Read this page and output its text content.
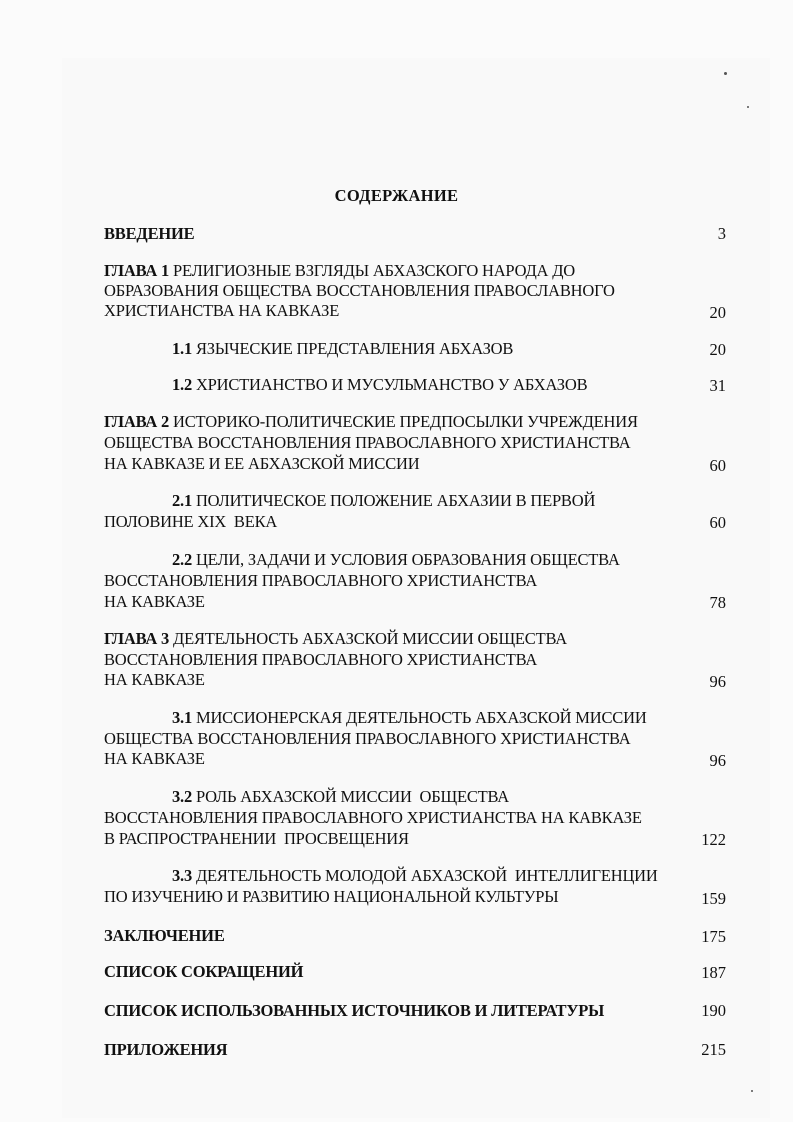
СОДЕРЖАНИЕ
ВВЕДЕНИЕ	3
ГЛАВА 1 РЕЛИГИОЗНЫЕ ВЗГЛЯДЫ АБХАЗСКОГО НАРОДА ДО
ОБРАЗОВАНИЯ ОБЩЕСТВА ВОССТАНОВЛЕНИЯ ПРАВОСЛАВНОГО
ХРИСТИАНСТВА НА КАВКАЗЕ	20
1.1 ЯЗЫЧЕСКИЕ ПРЕДСТАВЛЕНИЯ АБХАЗОВ	20
1.2 ХРИСТИАНСТВО И МУСУЛЬМАНСТВО У АБХАЗОВ	31
ГЛАВА 2 ИСТОРИКО-ПОЛИТИЧЕСКИЕ ПРЕДПОСЫЛКИ УЧРЕЖДЕНИЯ
ОБЩЕСТВА ВОССТАНОВЛЕНИЯ ПРАВОСЛАВНОГО ХРИСТИАНСТВА
НА КАВКАЗЕ И ЕЕ АБХАЗСКОЙ МИССИИ	60
2.1 ПОЛИТИЧЕСКОЕ ПОЛОЖЕНИЕ АБХАЗИИ В ПЕРВОЙ
ПОЛОВИНЕ XIX  ВЕКА	60
2.2 ЦЕЛИ, ЗАДАЧИ И УСЛОВИЯ ОБРАЗОВАНИЯ ОБЩЕСТВА
ВОССТАНОВЛЕНИЯ ПРАВОСЛАВНОГО ХРИСТИАНСТВА
НА КАВКАЗЕ	78
ГЛАВА 3 ДЕЯТЕЛЬНОСТЬ АБХАЗСКОЙ МИССИИ ОБЩЕСТВА
ВОССТАНОВЛЕНИЯ ПРАВОСЛАВНОГО ХРИСТИАНСТВА
НА КАВКАЗЕ	96
3.1 МИССИОНЕРСКАЯ ДЕЯТЕЛЬНОСТЬ АБХАЗСКОЙ МИССИИ
ОБЩЕСТВА ВОССТАНОВЛЕНИЯ ПРАВОСЛАВНОГО ХРИСТИАНСТВА
НА КАВКАЗЕ	96
3.2 РОЛЬ АБХАЗСКОЙ МИССИИ  ОБЩЕСТВА
ВОССТАНОВЛЕНИЯ ПРАВОСЛАВНОГО ХРИСТИАНСТВА НА КАВКАЗЕ
В РАСПРОСТРАНЕНИИ  ПРОСВЕЩЕНИЯ	122
3.3 ДЕЯТЕЛЬНОСТЬ МОЛОДОЙ АБХАЗСКОЙ  ИНТЕЛЛИГЕНЦИИ
ПО ИЗУЧЕНИЮ И РАЗВИТИЮ НАЦИОНАЛЬНОЙ КУЛЬТУРЫ	159
ЗАКЛЮЧЕНИЕ	175
СПИСОК СОКРАЩЕНИЙ	187
СПИСОК ИСПОЛЬЗОВАННЫХ ИСТОЧНИКОВ И ЛИТЕРАТУРЫ	190
ПРИЛОЖЕНИЯ	215
